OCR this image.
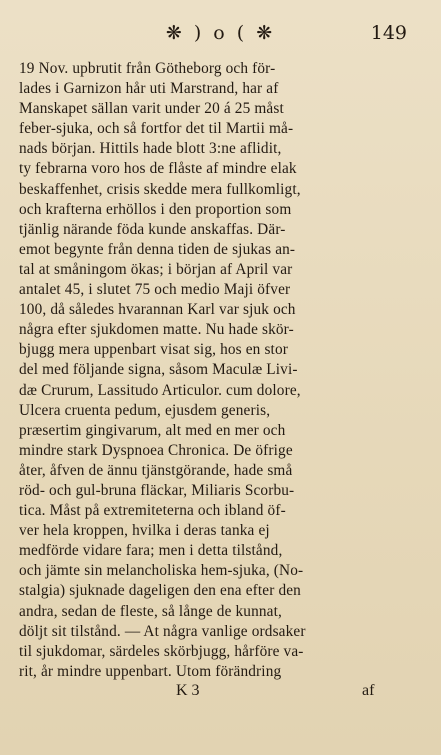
❋ ) o ( ❋	149
19 Nov. upbrutit från Götheborg och för-
lades i Garnizon hår uti Marstrand, har af
Manskapet sällan varit under 20 á 25 måst
feber-sjuka, och så fortfor det til Martii må-
nads början. Hittils hade blott 3:ne aflidit,
ty febrarna voro hos de flåste af mindre elak
beskaffenhet, crisis skedde mera fullkomligt,
och krafterna erhöllos i den proportion som
tjänlig närande föda kunde anskaffas. Där-
emot begynte från denna tiden de sjukas an-
tal at småningom ökas; i början af April var
antalet 45, i slutet 75 och medio Maji öfver
100, då således hvarannan Karl var sjuk och
några efter sjukdomen matte. Nu hade skör-
bjugg mera uppenbart visat sig, hos en stor
del med följande signa, såsom Maculæ Livi-
dæ Crurum, Lassitudo Articulor. cum dolore,
Ulcera cruenta pedum, ejusdem generis,
præsertim gingivarum, alt med en mer och
mindre stark Dyspnoea Chronica. De öfrige
åter, åfven de ännu tjänstgörande, hade små
röd- och gul-bruna fläckar, Miliaris Scorbu-
tica. Måst på extremiteterna och ibland öf-
ver hela kroppen, hvilka i deras tanka ej
medförde vidare fara; men i detta tilstånd,
och jämte sin melancholiska hem-sjuka, (No-
stalgia) sjuknade dageligen den ena efter den
andra, sedan de fleste, så långe de kunnat,
döljt sit tilstånd. — At några vanlige ordsaker
til sjukdomar, särdeles skörbjugg, hårföre va-
rit, år mindre uppenbart. Utom förändring
K 3	af
